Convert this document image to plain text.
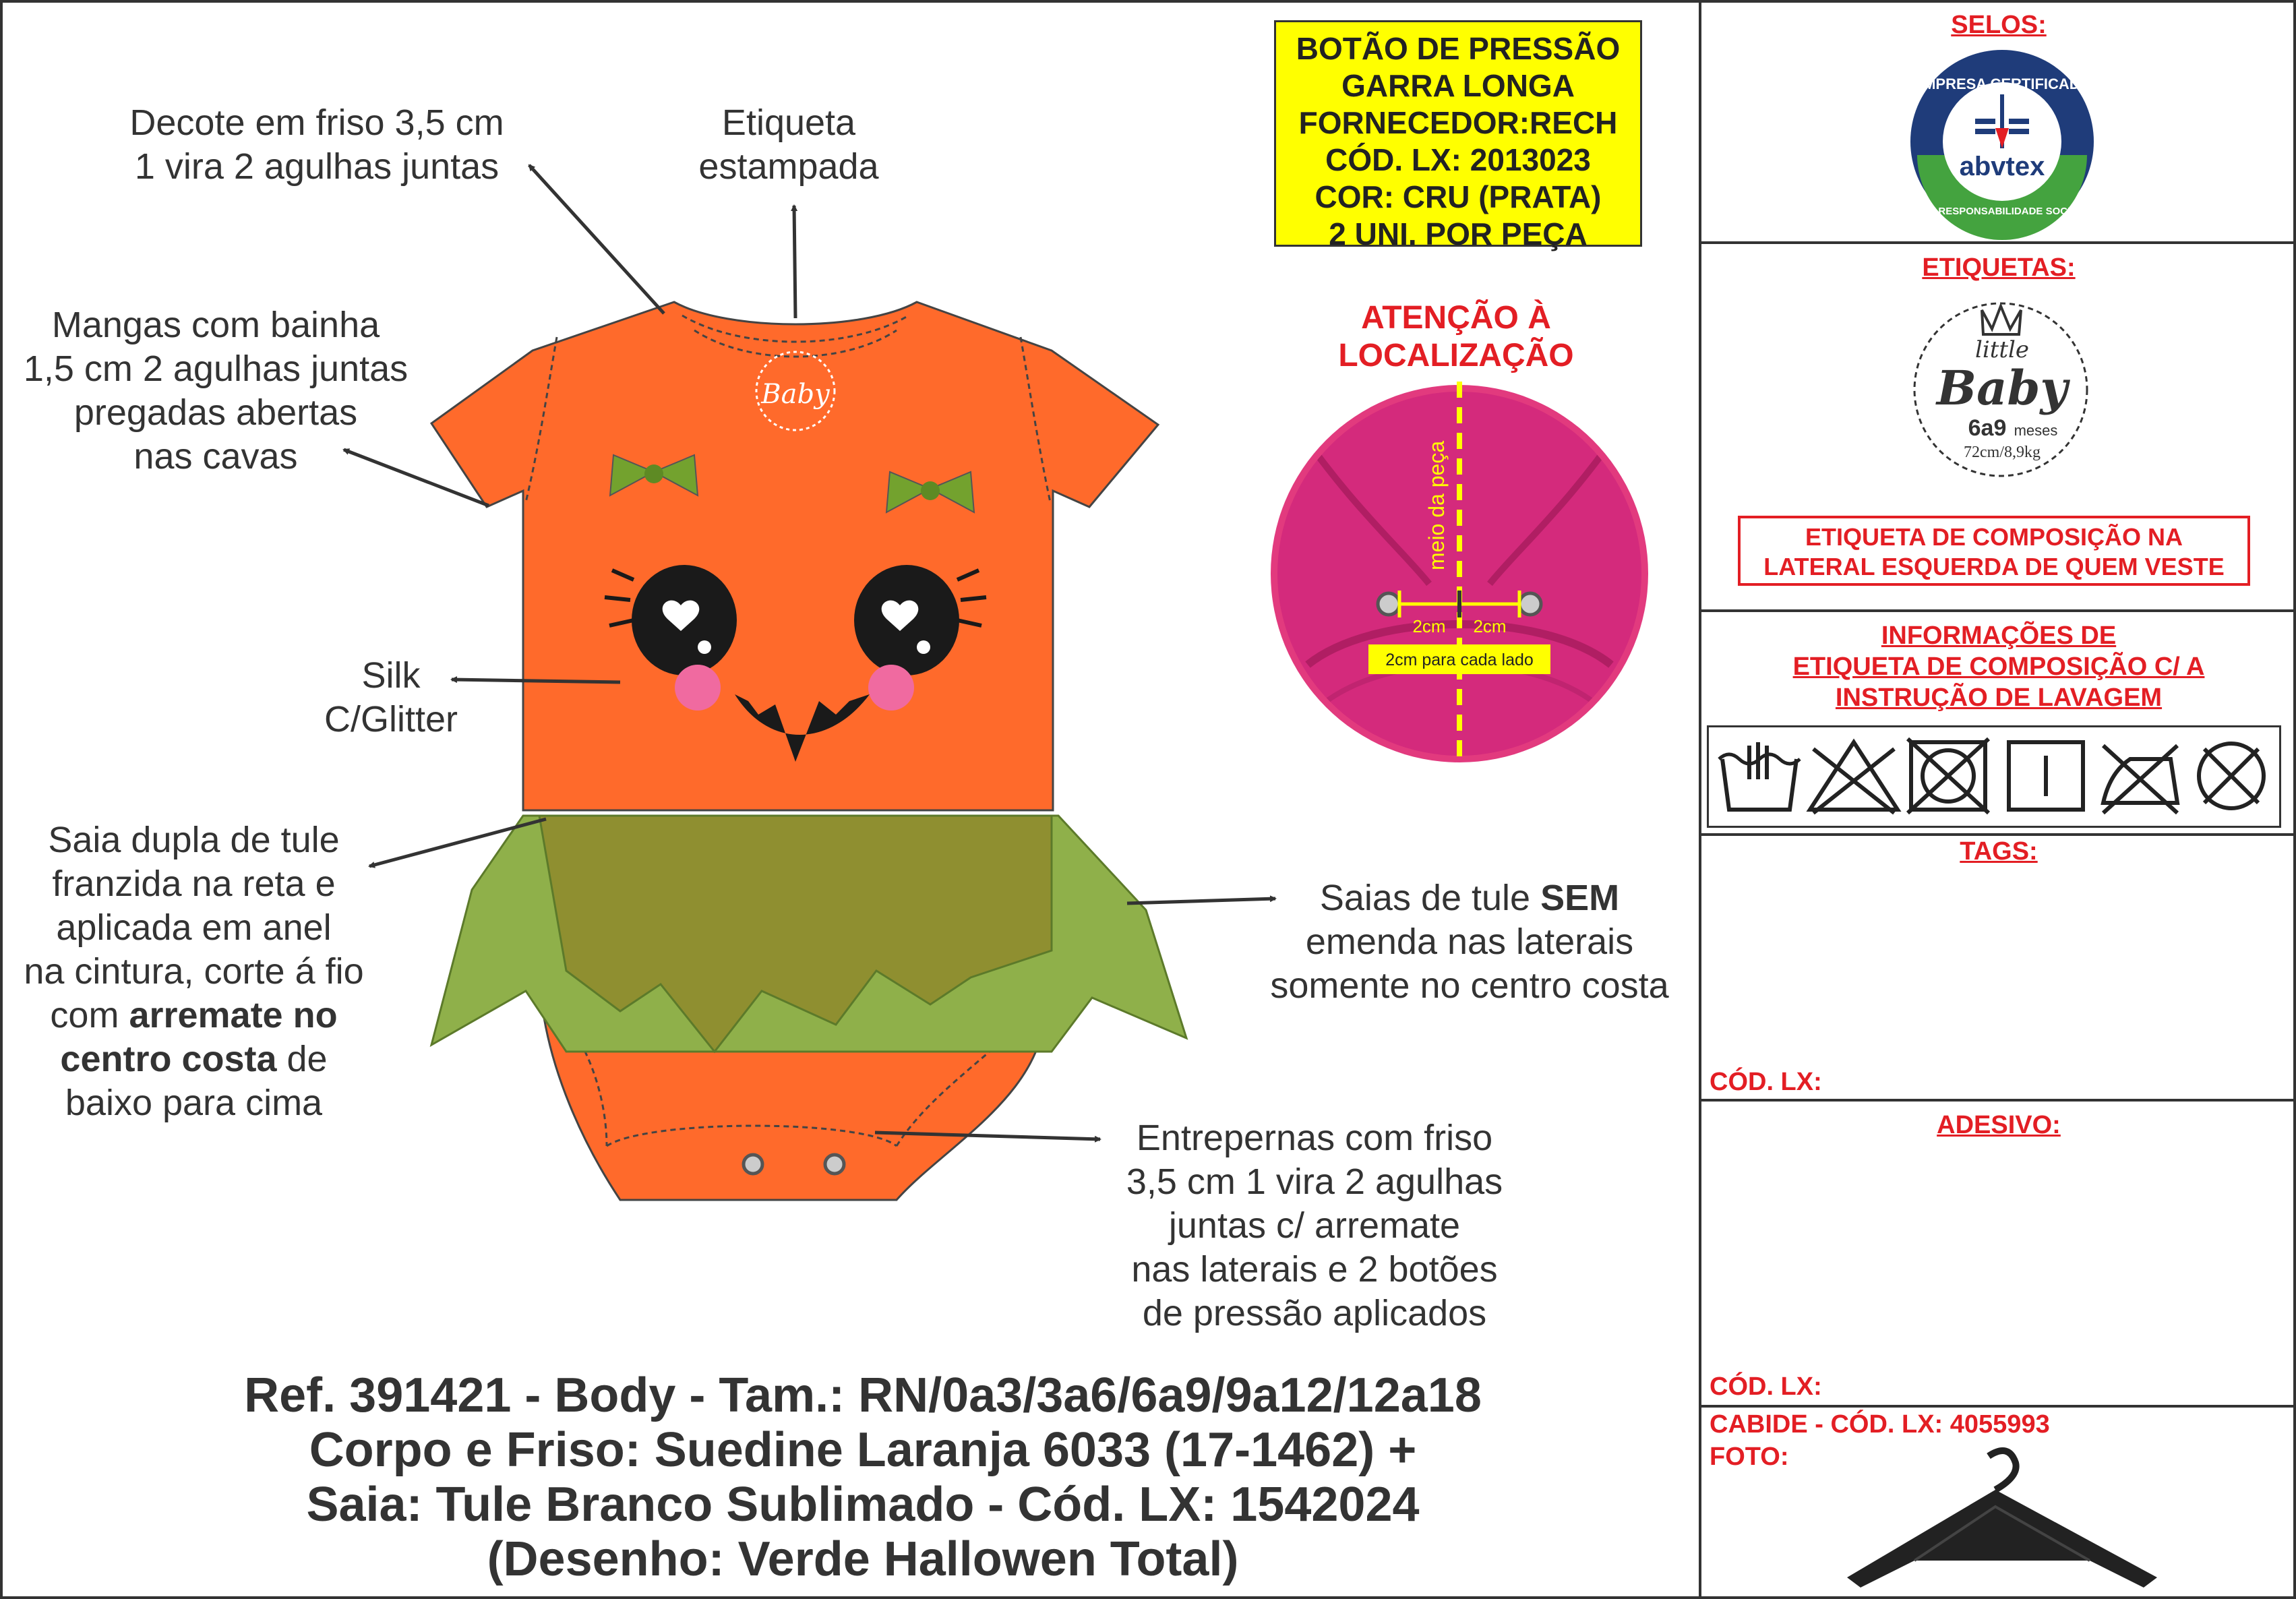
Baby
Decote em friso 3,5 cm
1 vira 2 agulhas juntas
Etiqueta
estampada
Mangas com bainha
1,5 cm 2 agulhas juntas
pregadas abertas
nas cavas
Silk
C/Glitter
Saia dupla de tule
franzida na reta e
aplicada em anel
na cintura, corte á fio
com arremate no
centro costa de
baixo para cima
Saias de tule SEM
emenda nas laterais
somente no centro costa
Entrepernas com friso
3,5 cm 1 vira 2 agulhas
juntas c/ arremate
nas laterais e 2 botões
de pressão aplicados
BOTÃO DE PRESSÃO
GARRA LONGA
FORNECEDOR:RECH
CÓD. LX: 2013023
COR: CRU (PRATA)
2 UNI. POR PEÇA
ATENÇÃO À
LOCALIZAÇÃO
meio da peça
2cm 2cm
2cm para cada lado
Ref. 391421 - Body - Tam.: RN/0a3/3a6/6a9/9a12/12a18
Corpo e Friso: Suedine Laranja 6033 (17-1462) +
Saia: Tule Branco Sublimado - Cód. LX: 1542024
(Desenho: Verde Hallowen Total)
SELOS:
EMPRESA CERTIFICADA
abvtex
EM RESPONSABILIDADE SOCIAL
ETIQUETAS:
little
Baby
6a9 meses
72cm/8,9kg
ETIQUETA DE COMPOSIÇÃO NA
LATERAL ESQUERDA DE QUEM VESTE
INFORMAÇÕES DE
ETIQUETA DE COMPOSIÇÃO C/ A
INSTRUÇÃO DE LAVAGEM
TAGS:
CÓD. LX:
ADESIVO:
CÓD. LX:
CABIDE - CÓD. LX: 4055993
FOTO:
